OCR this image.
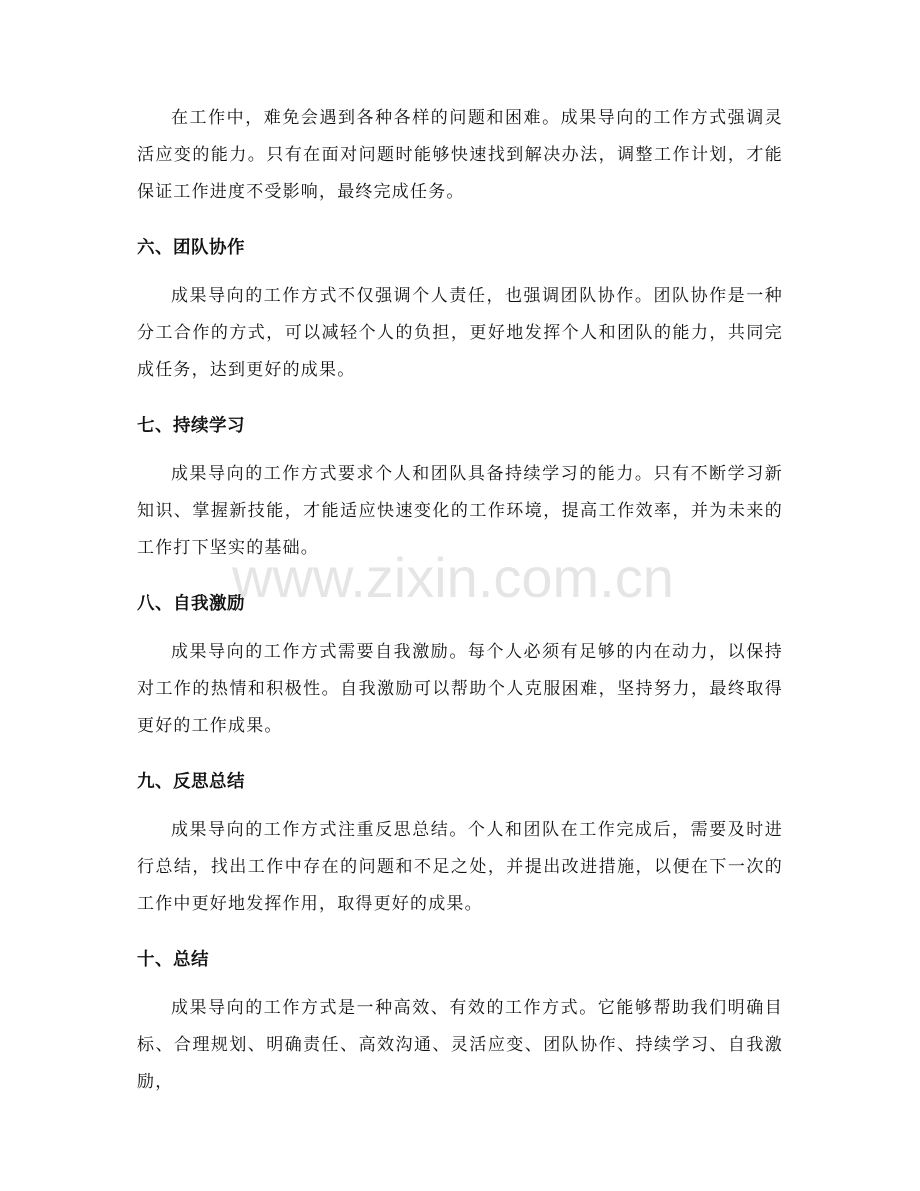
在工作中，难免会遇到各种各样的问题和困难。成果导向的工作方式强调灵活应变的能力。只有在面对问题时能够快速找到解决办法，调整工作计划，才能保证工作进度不受影响，最终完成任务。

六、团队协作

成果导向的工作方式不仅强调个人责任，也强调团队协作。团队协作是一种分工合作的方式，可以减轻个人的负担，更好地发挥个人和团队的能力，共同完成任务，达到更好的成果。

七、持续学习

成果导向的工作方式要求个人和团队具备持续学习的能力。只有不断学习新知识、掌握新技能，才能适应快速变化的工作环境，提高工作效率，并为未来的工作打下坚实的基础。

八、自我激励

成果导向的工作方式需要自我激励。每个人必须有足够的内在动力，以保持对工作的热情和积极性。自我激励可以帮助个人克服困难，坚持努力，最终取得更好的工作成果。

九、反思总结

成果导向的工作方式注重反思总结。个人和团队在工作完成后，需要及时进行总结，找出工作中存在的问题和不足之处，并提出改进措施，以便在下一次的工作中更好地发挥作用，取得更好的成果。

十、总结

成果导向的工作方式是一种高效、有效的工作方式。它能够帮助我们明确目标、合理规划、明确责任、高效沟通、灵活应变、团队协作、持续学习、自我激励，

www.zixin.com.cn
